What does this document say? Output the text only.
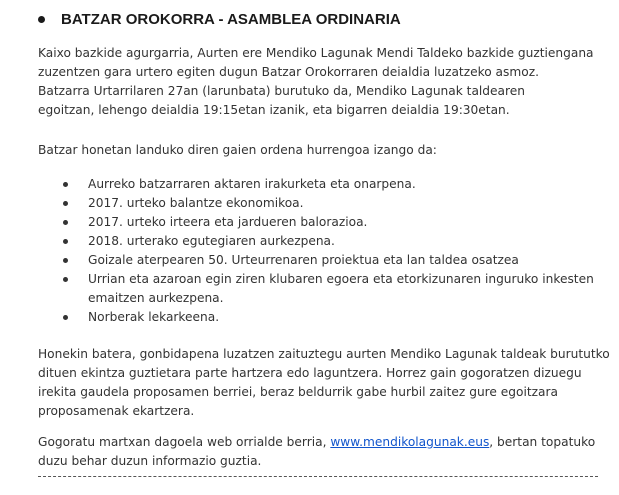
BATZAR OROKORRA - ASAMBLEA ORDINARIA

Kaixo bazkide agurgarria, Aurten ere Mendiko Lagunak Mendi Taldeko bazkide guztiengana
zuzentzen gara urtero egiten dugun Batzar Orokorraren deialdia luzatzeko asmoz.
Batzarra Urtarrilaren 27an (larunbata) burutuko da, Mendiko Lagunak taldearen
egoitzan, lehengo deialdia 19:15etan izanik, eta bigarren deialdia 19:30etan.

Batzar honetan landuko diren gaien ordena hurrengoa izango da:

Aurreko batzarraren aktaren irakurketa eta onarpena.
2017. urteko balantze ekonomikoa.
2017. urteko irteera eta jardueren balorazioa.
2018. urterako egutegiaren aurkezpena.
Goizale aterpearen 50. Urteurrenaren proiektua eta lan taldea osatzea
Urrian eta azaroan egin ziren klubaren egoera eta etorkizunaren inguruko inkesten
emaitzen aurkezpena.
Norberak lekarkeena.

Honekin batera, gonbidapena luzatzen zaituztegu aurten Mendiko Lagunak taldeak burututko
dituen ekintza guztietara parte hartzera edo laguntzera. Horrez gain gogoratzen dizuegu
irekita gaudela proposamen berriei, beraz beldurrik gabe hurbil zaitez gure egoitzara
proposamenak ekartzera.

Gogoratu martxan dagoela web orrialde berria, www.mendikolagunak.eus, bertan topatuko
duzu behar duzun informazio guztia.
